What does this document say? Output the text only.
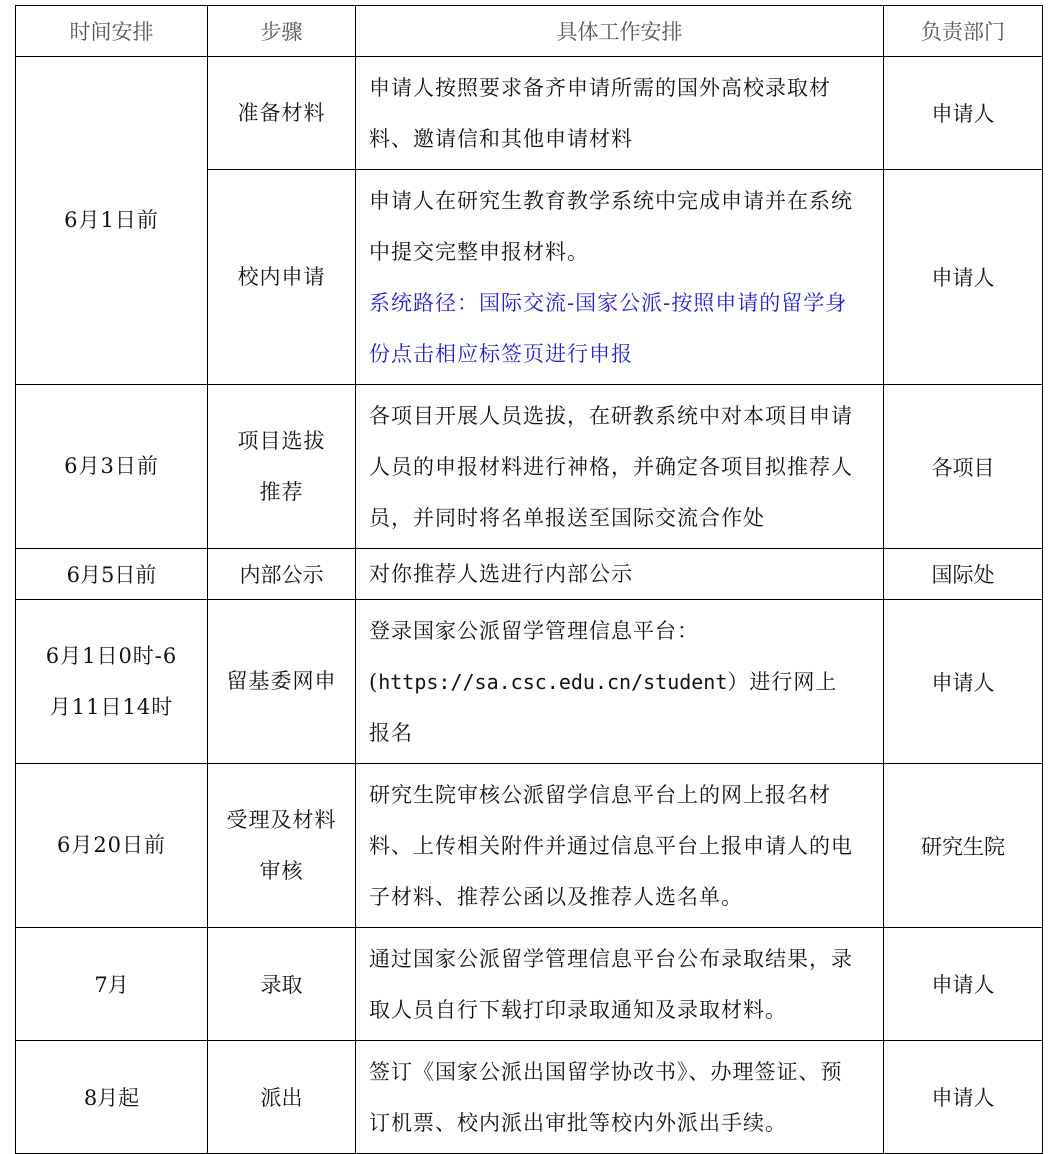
时间安排	步骤	具体工作安排	负责部门

6月1日前	准备材料	申请人按照要求备齐申请所需的国外高校录取材
料、邀请信和其他申请材料	申请人

	校内申请	申请人在研究生教育教学系统中完成申请并在系统
中提交完整申报材料。
系统路径：国际交流-国家公派-按照申请的留学身
份点击相应标签页进行申报	申请人

6月3日前	项目选拔
推荐	各项目开展人员选拔，在研教系统中对本项目申请
人员的申报材料进行神格，并确定各项目拟推荐人
员，并同时将名单报送至国际交流合作处	各项目
6月5日前	内部公示	对你推荐人选进行内部公示	国际处

6月1日0时-6
月11日14时	留基委网申	登录国家公派留学管理信息平台：
(https://sa.csc.edu.cn/student）进行网上
报名	申请人

6月20日前	受理及材料
审核	研究生院审核公派留学信息平台上的网上报名材
料、上传相关附件并通过信息平台上报申请人的电
子材料、推荐公函以及推荐人选名单。	研究生院
7月	录取	通过国家公派留学管理信息平台公布录取结果，录
取人员自行下载打印录取通知及录取材料。	申请人
8月起	派出	签订《国家公派出国留学协改书》、办理签证、预
订机票、校内派出审批等校内外派出手续。	申请人
